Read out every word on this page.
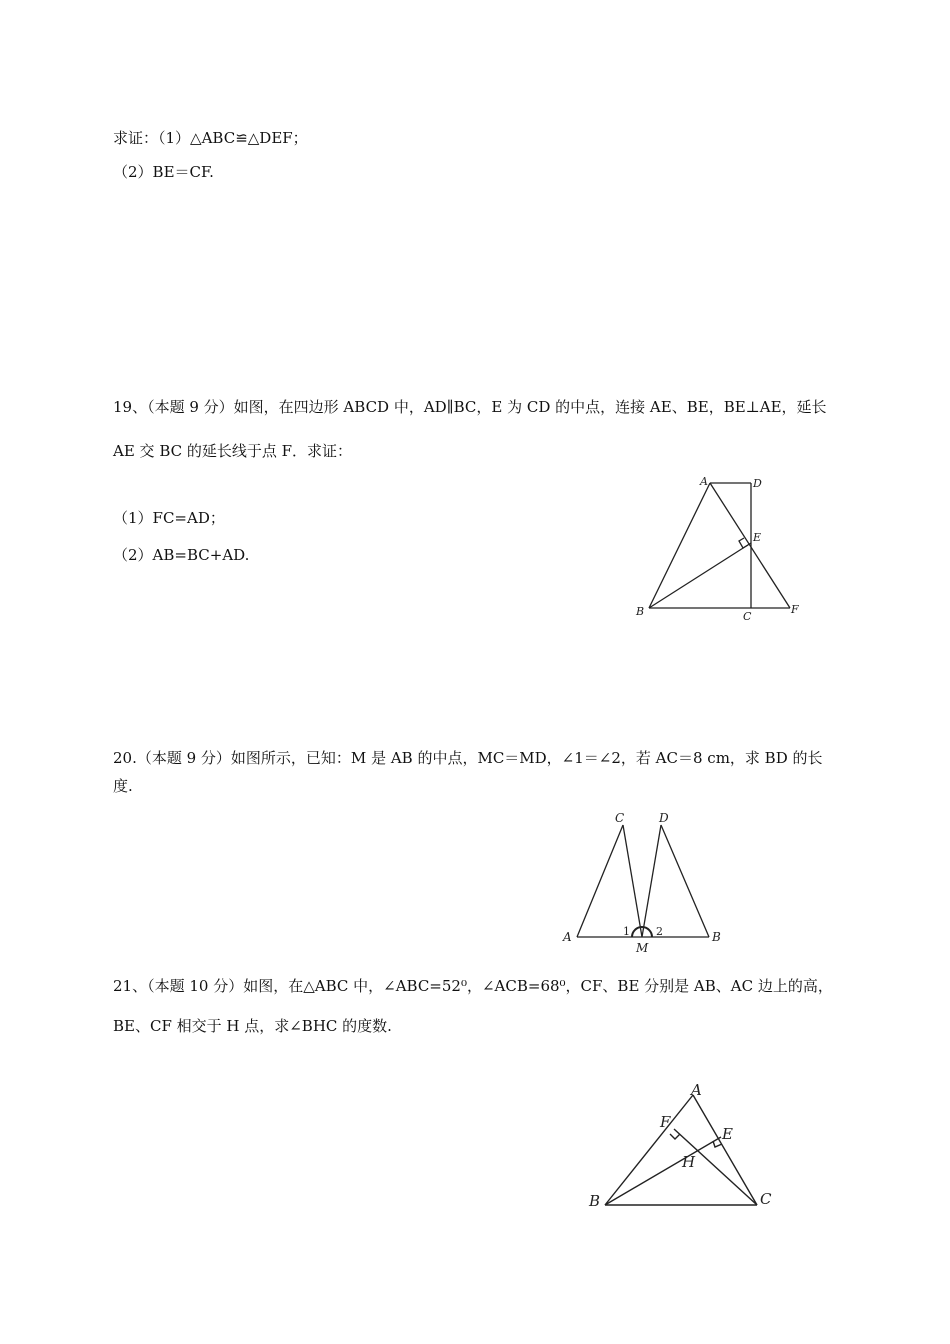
求证：（1）△ABC≌△DEF；
（2）BE＝CF.
19、（本题 9 分）如图，在四边形 ABCD 中，AD∥BC，E 为 CD 的中点，连接 AE、BE，BE⊥AE，延长
AE 交 BC 的延长线于点 F．求证：
（1）FC=AD；
（2）AB=BC+AD.
A	D
E
B	C
F
20.（本题 9 分）如图所示，已知：M 是 AB 的中点，MC＝MD，∠1＝∠2，若 AC＝8 cm，求 BD 的长
度.
C	D
A	B
M
1 2
21、（本题 10 分）如图，在△ABC 中，∠ABC=52⁰，∠ACB=68⁰，CF、BE 分别是 AB、AC 边上的高，
BE、CF 相交于 H 点，求∠BHC 的度数.
A
F
E
H
B	C
